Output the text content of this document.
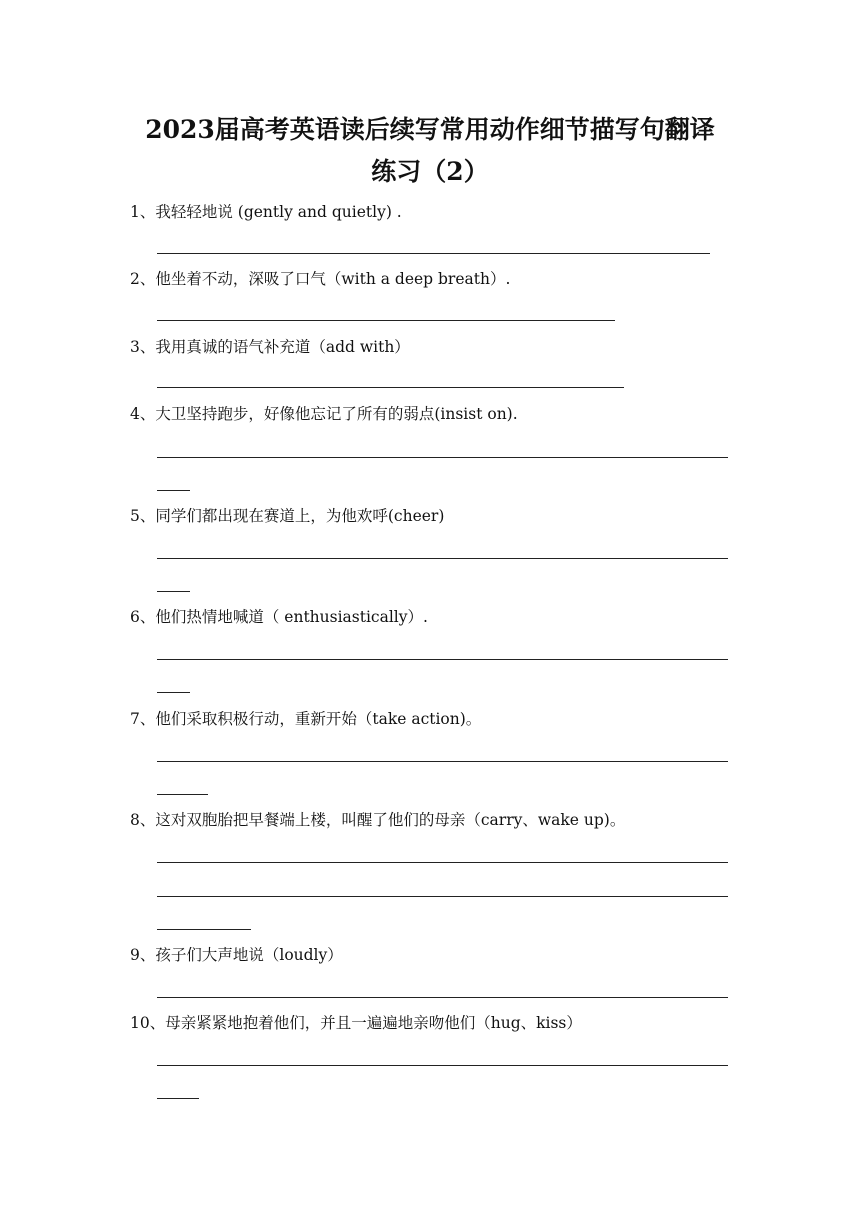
2023届高考英语读后续写常用动作细节描写句翻译
练习（2）
1、我轻轻地说 (gently and quietly) .
2、他坐着不动，深吸了口气（with a deep breath）.
3、我用真诚的语气补充道（add with）
4、大卫坚持跑步，好像他忘记了所有的弱点(insist on).
5、同学们都出现在赛道上，为他欢呼(cheer)
6、他们热情地喊道（ enthusiastically）.
7、他们采取积极行动，重新开始（take action)。
8、这对双胞胎把早餐端上楼，叫醒了他们的母亲（carry、wake up)。
9、孩子们大声地说（loudly）
10、母亲紧紧地抱着他们，并且一遍遍地亲吻他们（hug、kiss）
